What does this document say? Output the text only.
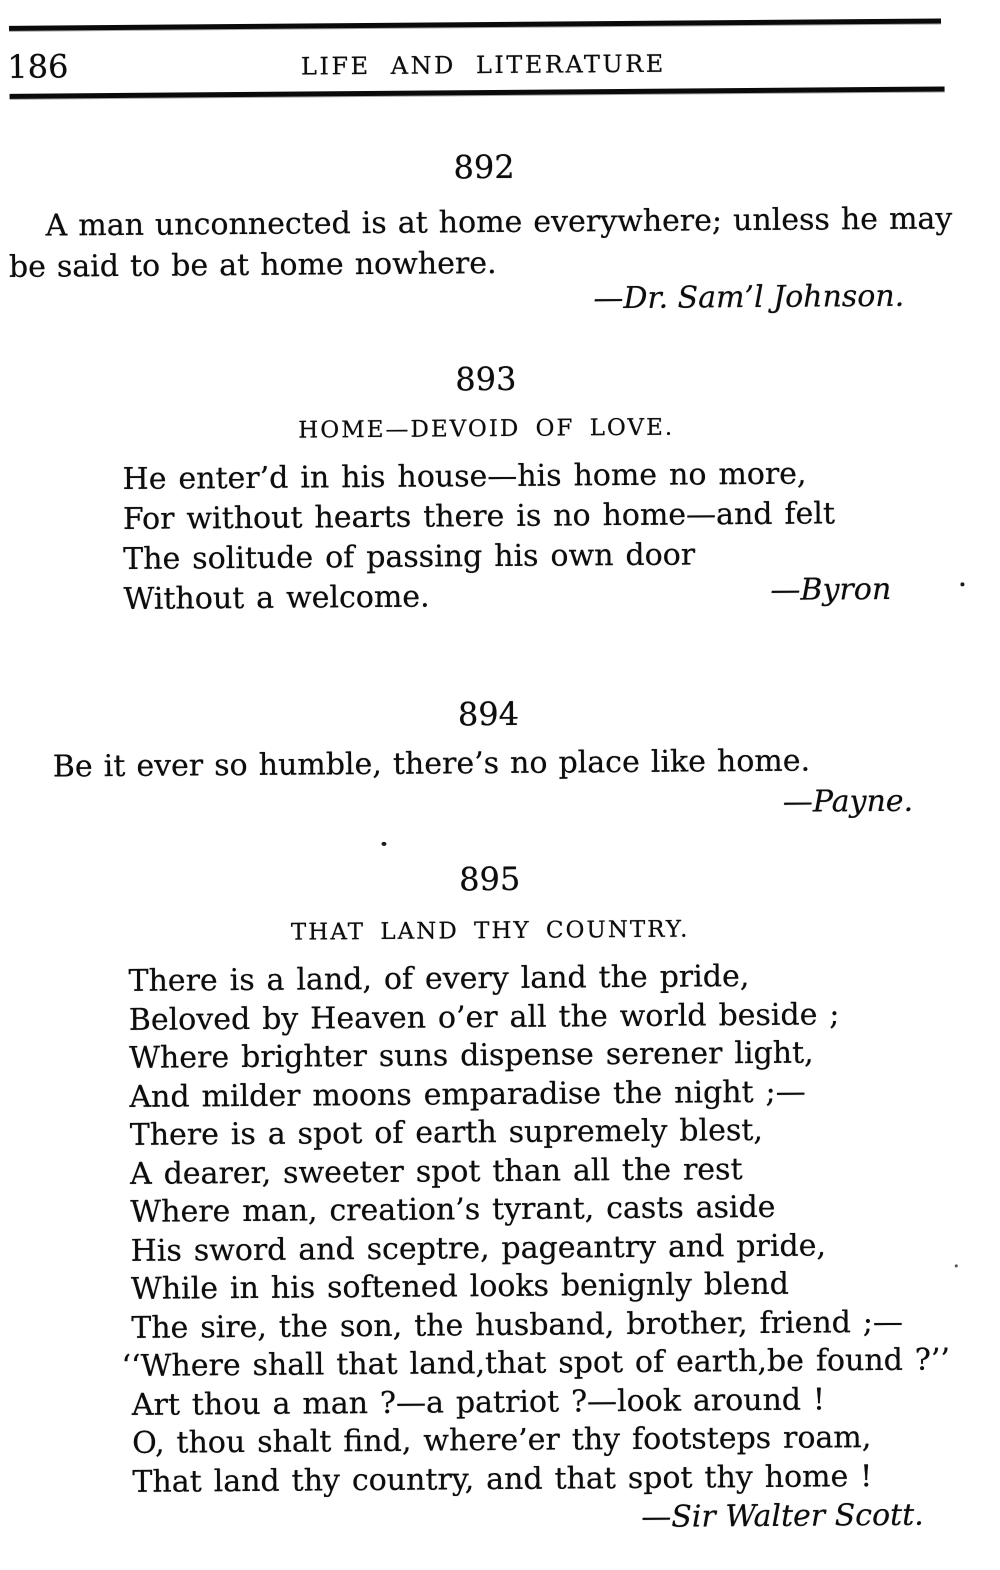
186	LIFE AND LITERATURE
892
A man unconnected is at home everywhere; unless he may
be said to be at home nowhere.
—Dr. Sam’l Johnson.
893
HOME—DEVOID OF LOVE.
He enter’d in his house—his home no more,
For without hearts there is no home—and felt
The solitude of passing his own door
Without a welcome.	—Byron
894
Be it ever so humble, there’s no place like home.
—Payne.
895
THAT LAND THY COUNTRY.
There is a land, of every land the pride,
Beloved by Heaven o’er all the world beside ;
Where brighter suns dispense serener light,
And milder moons emparadise the night ;—
There is a spot of earth supremely blest,
A dearer, sweeter spot than all the rest
Where man, creation’s tyrant, casts aside
His sword and sceptre, pageantry and pride,
While in his softened looks benignly blend
The sire, the son, the husband, brother, friend ;—
‘‘Where shall that land,that spot of earth,be found ?’’
Art thou a man ?—a patriot ?—look around !
O, thou shalt find, where’er thy footsteps roam,
That land thy country, and that spot thy home !
—Sir Walter Scott.
